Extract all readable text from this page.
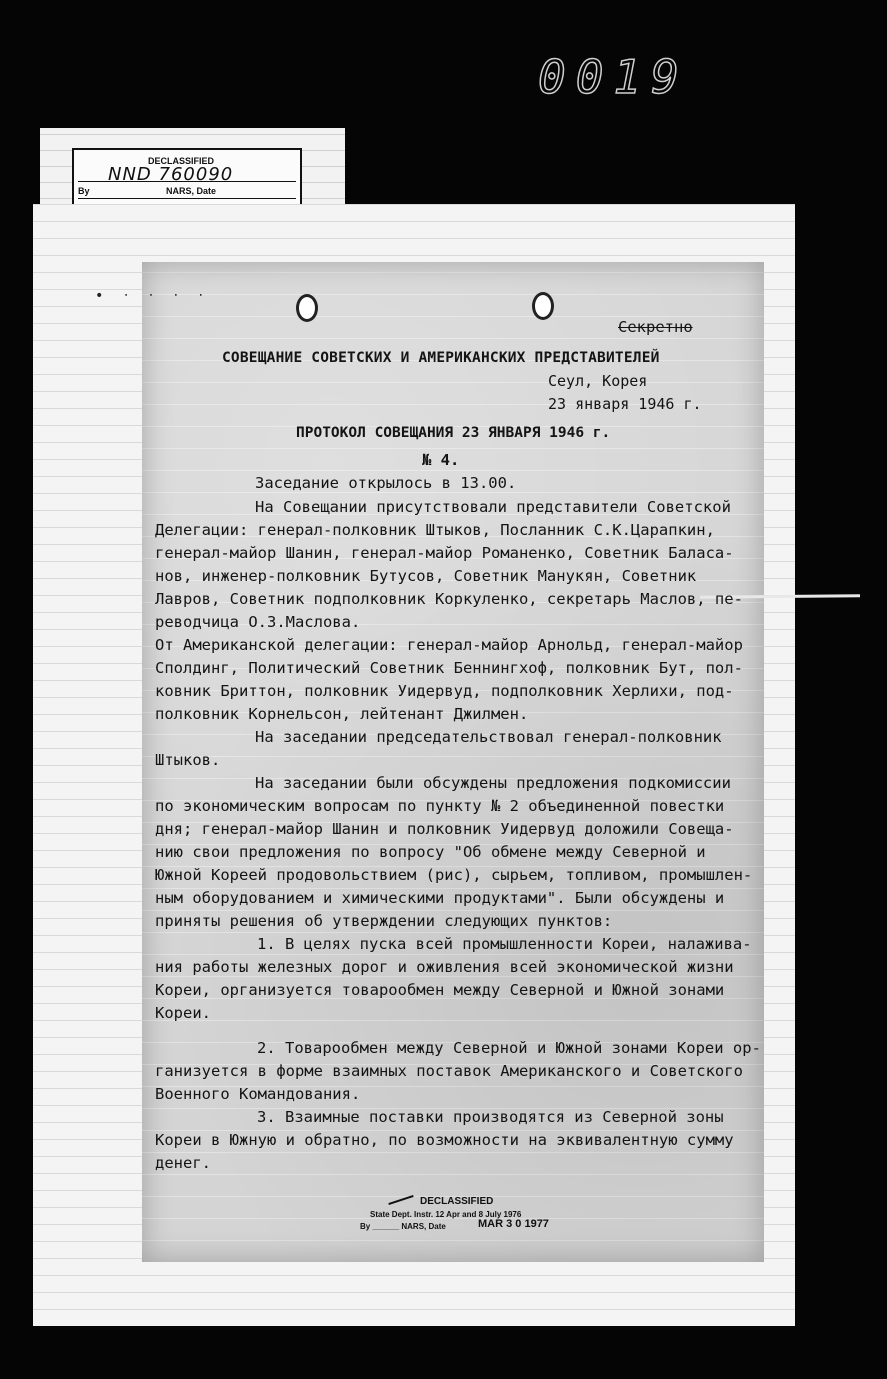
0019
DECLASSIFIED
NND 760090
By	NARS, Date
• ‧ ‧ ‧ ‧
Секретно
СОВЕЩАНИЕ СОВЕТСКИХ И АМЕРИКАНСКИХ ПРЕДСТАВИТЕЛЕЙ
Сеул, Корея
23 января 1946 г.
ПРОТОКОЛ СОВЕЩАНИЯ 23 ЯНВАРЯ 1946 г.
№ 4.
Заседание открылось в 13.00.

На Совещании присутствовали представители Советской

Делегации: генерал-полковник Штыков, Посланник С.К.Царапкин,

генерал-майор Шанин, генерал-майор Романенко, Советник Баласа-

нов, инженер-полковник Бутусов, Советник Манукян, Советник

Лавров, Советник подполковник Коркуленко, секретарь Маслов, пе-

реводчица О.З.Маслова.

От Американской делегации: генерал-майор Арнольд, генерал-майор

Сполдинг, Политический Советник Беннингхоф, полковник Бут, пол-

ковник Бриттон, полковник Уидервуд, подполковник Херлихи, под-

полковник Корнельсон, лейтенант Джилмен.

На заседании председательствовал генерал-полковник

Штыков.

На заседании были обсуждены предложения подкомиссии

по экономическим вопросам по пункту № 2 объединенной повестки

дня; генерал-майор Шанин и полковник Уидервуд доложили Совеща-

нию свои предложения по вопросу "Об обмене между Северной и

Южной Кореей продовольствием (рис), сырьем, топливом, промышлен-

ным оборудованием и химическими продуктами". Были обсуждены и

приняты решения об утверждении следующих пунктов:

1. В целях пуска всей промышленности Кореи, налаживa-

ния работы железных дорог и оживления всей экономической жизни

Кореи, организуется товарообмен между Северной и Южной зонами

Кореи.

2. Товарообмен между Северной и Южной зонами Кореи ор-

ганизуется в форме взаимных поставок Американского и Советского

Военного Командования.

3. Взаимные поставки производятся из Северной зоны

Кореи в Южную и обратно, по возможности на эквивалентную сумму

денег.

DECLASSIFIED
State Dept. Instr. 12 Apr and 8 July 1976
By ______ NARS, Date	MAR 3 0 1977
